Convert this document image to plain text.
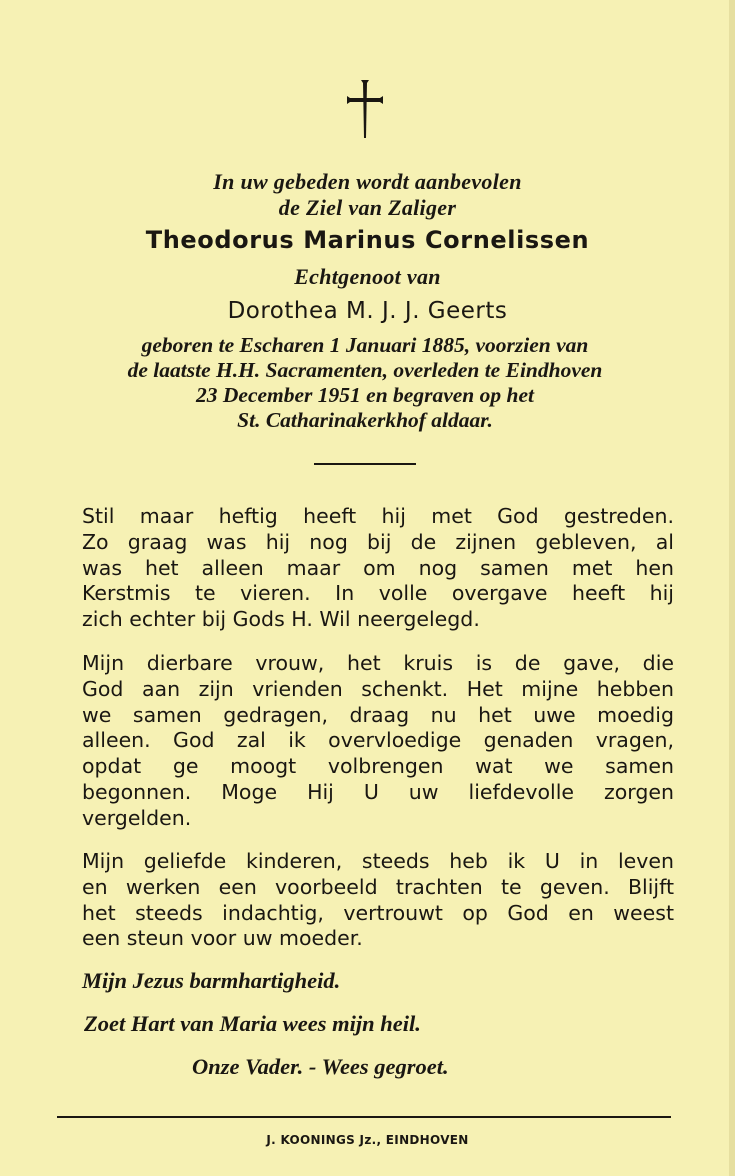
In uw gebeden wordt aanbevolen
de Ziel van Zaliger
Theodorus Marinus Cornelissen
Echtgenoot van
Dorothea M. J. J. Geerts
geboren te Escharen 1 Januari 1885, voorzien van
de laatste H.H. Sacramenten, overleden te Eindhoven
23 December 1951 en begraven op het
St. Catharinakerkhof aldaar.
Stil maar heftig heeft hij met God gestreden.
Zo graag was hij nog bij de zijnen gebleven, al
was het alleen maar om nog samen met hen
Kerstmis te vieren. In volle overgave heeft hij
zich echter bij Gods H. Wil neergelegd.
Mijn dierbare vrouw, het kruis is de gave, die
God aan zijn vrienden schenkt. Het mijne hebben
we samen gedragen, draag nu het uwe moedig
alleen. God zal ik overvloedige genaden vragen,
opdat ge moogt volbrengen wat we samen
begonnen. Moge Hij U uw liefdevolle zorgen
vergelden.
Mijn geliefde kinderen, steeds heb ik U in leven
en werken een voorbeeld trachten te geven. Blijft
het steeds indachtig, vertrouwt op God en weest
een steun voor uw moeder.
Mijn Jezus barmhartigheid.
Zoet Hart van Maria wees mijn heil.
Onze Vader. - Wees gegroet.
J. KOONINGS Jz., EINDHOVEN
